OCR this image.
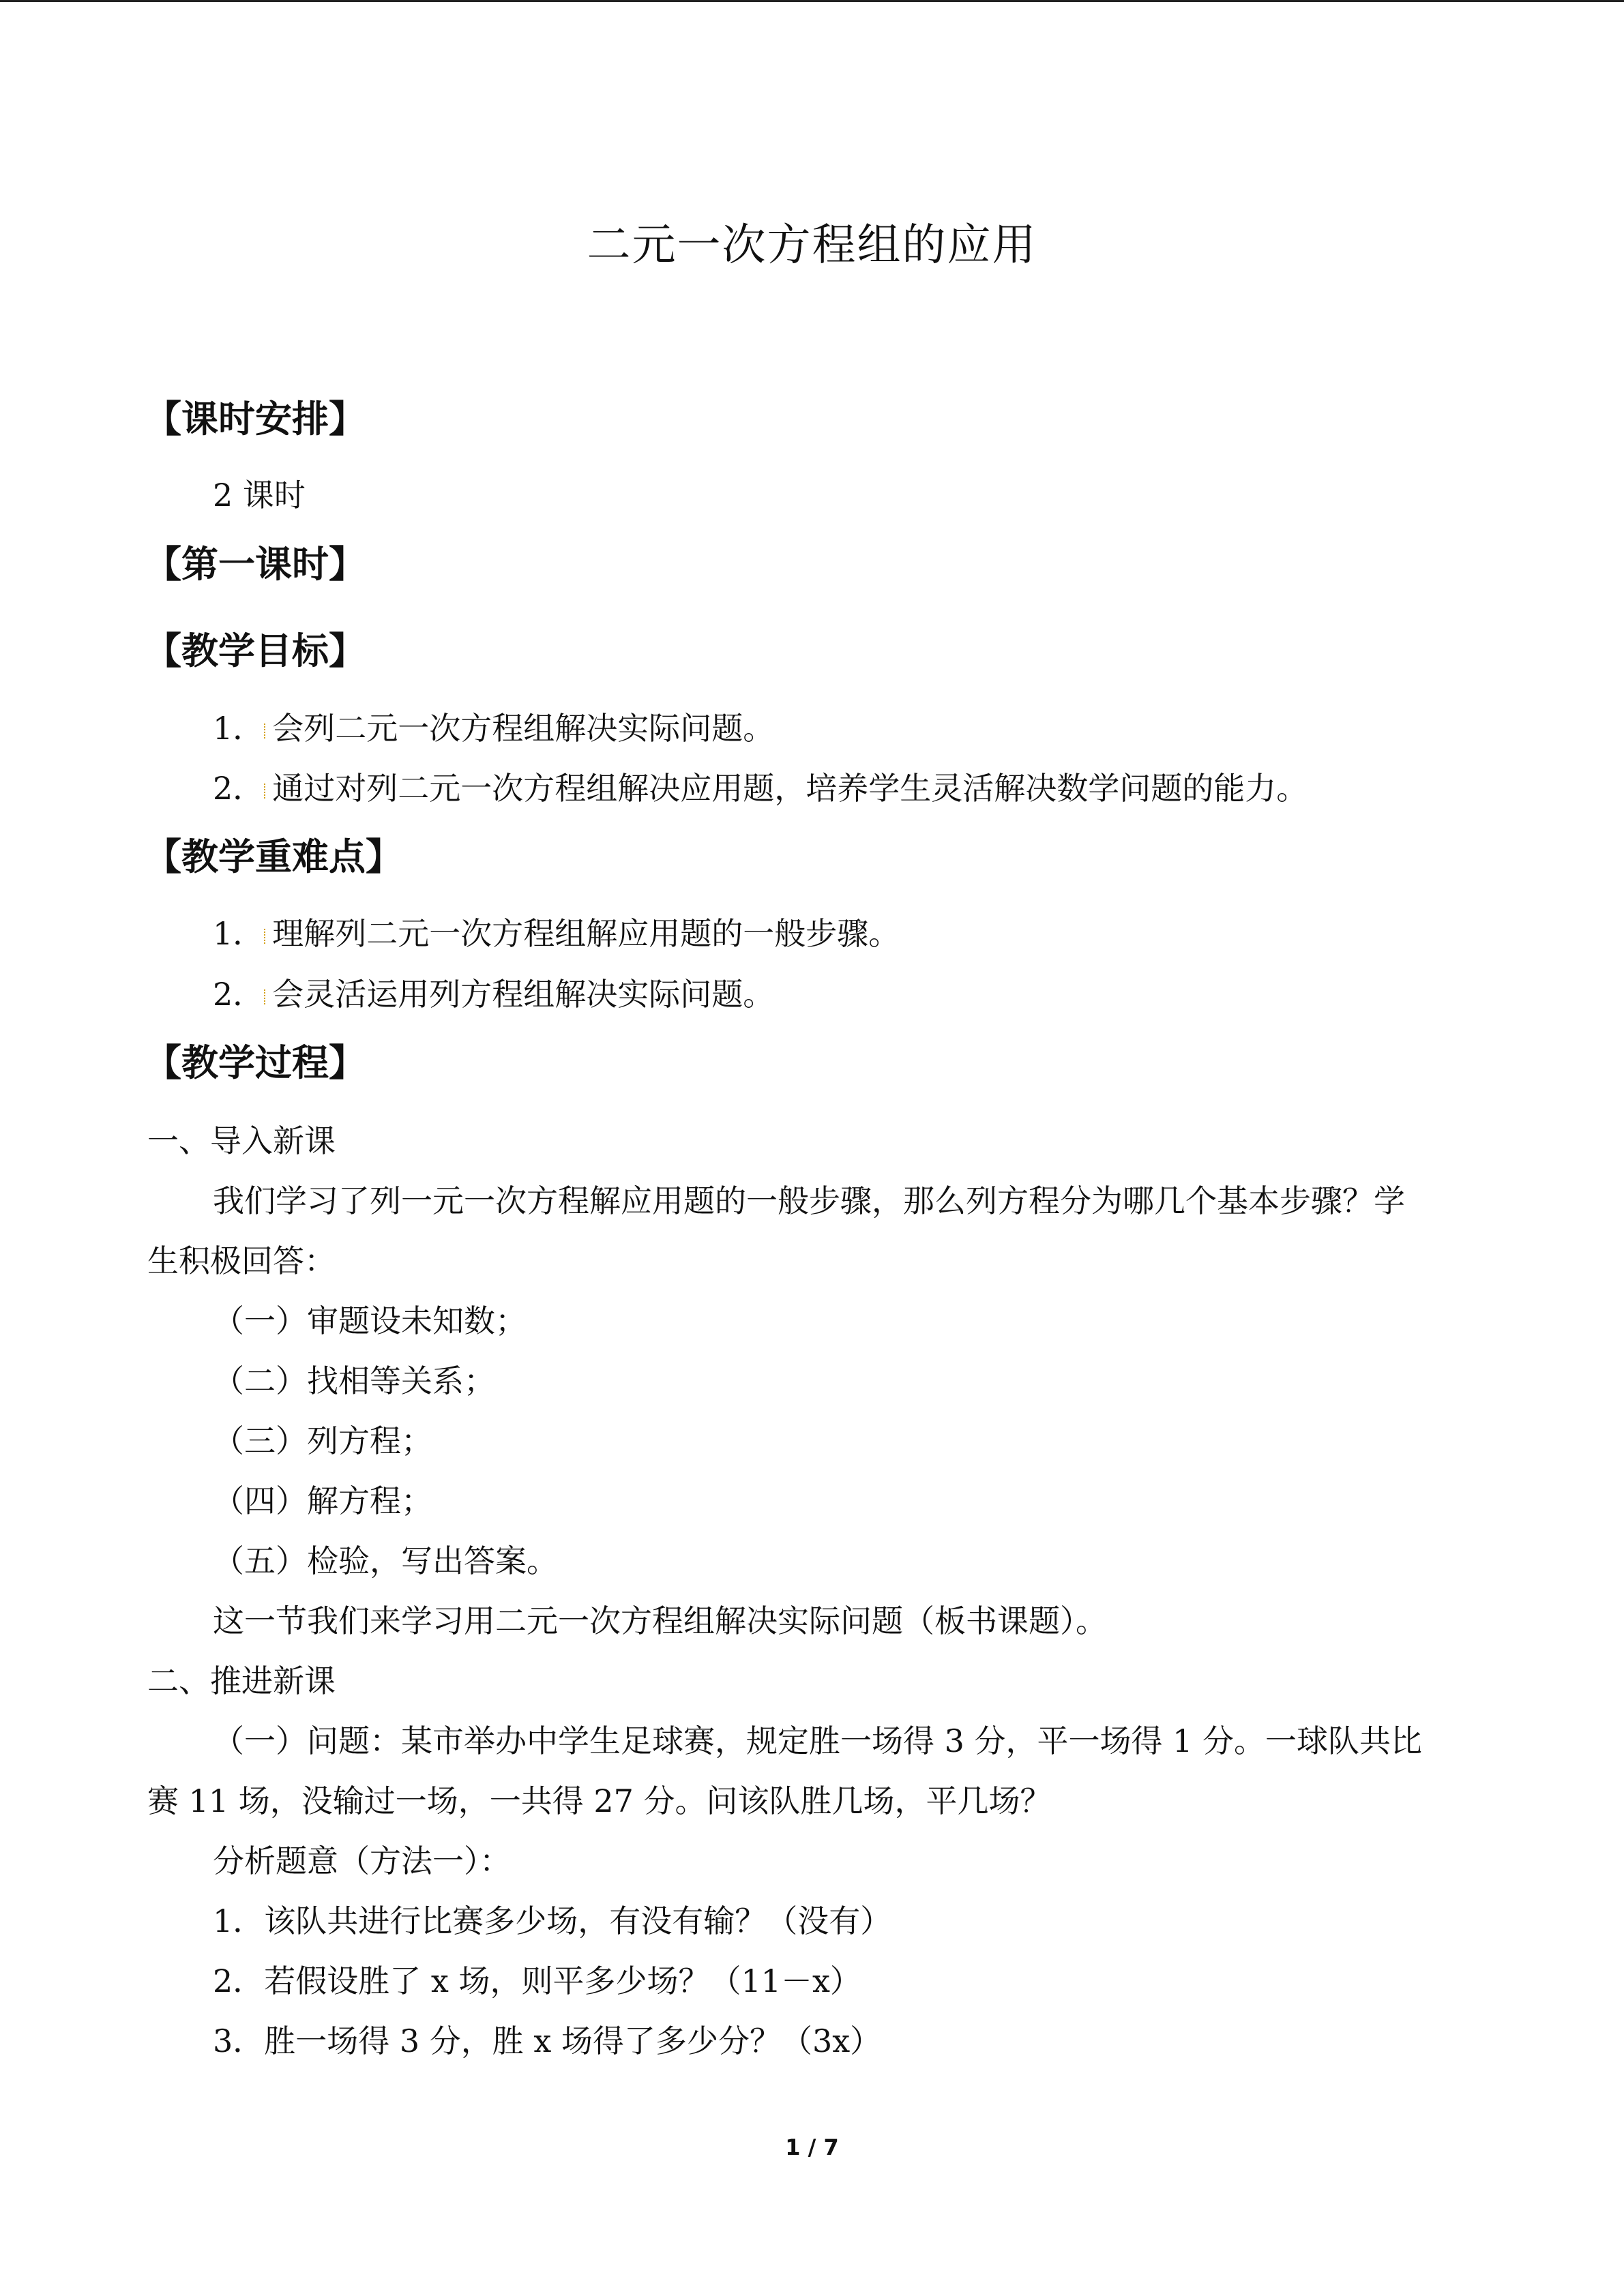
二元一次方程组的应用
【课时安排】
2 课时
【第一课时】
【教学目标】
1． 会列二元一次方程组解决实际问题。
2． 通过对列二元一次方程组解决应用题，培养学生灵活解决数学问题的能力。
【教学重难点】
1． 理解列二元一次方程组解应用题的一般步骤。
2． 会灵活运用列方程组解决实际问题。
【教学过程】
一、导入新课
我们学习了列一元一次方程解应用题的一般步骤，那么列方程分为哪几个基本步骤？学
生积极回答：
（一）审题设未知数；
（二）找相等关系；
（三）列方程；
（四）解方程；
（五）检验，写出答案。
这一节我们来学习用二元一次方程组解决实际问题（板书课题）。
二、推进新课
（一）问题：某市举办中学生足球赛，规定胜一场得 3 分，平一场得 1 分。一球队共比
赛 11 场，没输过一场，一共得 27 分。问该队胜几场，平几场？
分析题意（方法一）：
1．该队共进行比赛多少场，有没有输？（没有）
2．若假设胜了 x 场，则平多少场？（11－x）
3．胜一场得 3 分，胜 x 场得了多少分？（3x）
1 / 7
